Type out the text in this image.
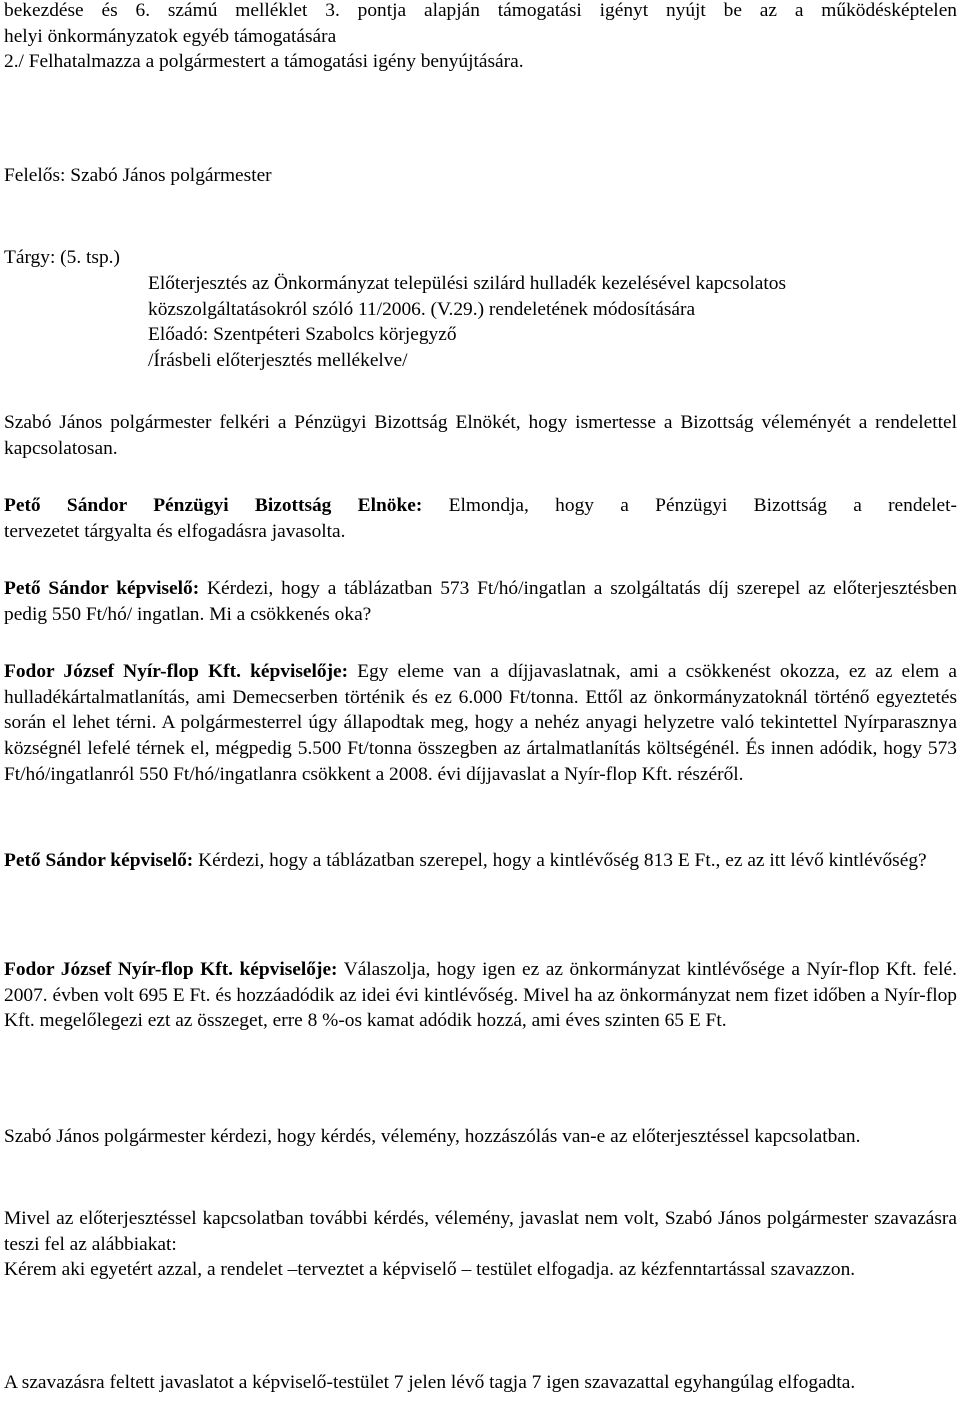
bekezdése és 6. számú melléklet 3. pontja alapján támogatási igényt nyújt be az a működésképtelen
helyi önkormányzatok egyéb támogatására
2./ Felhatalmazza a polgármestert a támogatási igény benyújtására.
Felelős: Szabó János polgármester
Tárgy: (5. tsp.)
Előterjesztés az Önkormányzat települési szilárd hulladék kezelésével kapcsolatos
közszolgáltatásokról szóló 11/2006. (V.29.) rendeletének módosítására
Előadó: Szentpéteri Szabolcs körjegyző
/Írásbeli előterjesztés mellékelve/

Szabó János polgármester felkéri a Pénzügyi Bizottság Elnökét, hogy ismertesse a Bizottság véleményét a rendelettel kapcsolatosan.

Pető Sándor Pénzügyi Bizottság Elnöke: Elmondja, hogy a Pénzügyi Bizottság a rendelet-
tervezetet tárgyalta és elfogadásra javasolta.

Pető Sándor képviselő: Kérdezi, hogy a táblázatban 573 Ft/hó/ingatlan a szolgáltatás díj szerepel az előterjesztésben pedig 550 Ft/hó/ ingatlan. Mi a csökkenés oka?

Fodor József Nyír-flop Kft. képviselője: Egy eleme van a díjjavaslatnak, ami a csökkenést okozza, ez az elem a hulladékártalmatlanítás, ami Demecserben történik és ez 6.000 Ft/tonna. Ettől az önkormányzatoknál történő egyeztetés során el lehet térni. A polgármesterrel úgy állapodtak meg, hogy a nehéz anyagi helyzetre való tekintettel Nyírparasznya községnél lefelé térnek el, mégpedig 5.500 Ft/tonna összegben az ártalmatlanítás költségénél. És innen adódik, hogy 573 Ft/hó/ingatlanról 550 Ft/hó/ingatlanra csökkent a 2008. évi díjjavaslat a Nyír-flop Kft. részéről.

Pető Sándor képviselő: Kérdezi, hogy a táblázatban szerepel, hogy a kintlévőség 813 E Ft., ez az itt lévő kintlévőség?

Fodor József Nyír-flop Kft. képviselője: Válaszolja, hogy igen ez az önkormányzat kintlévősége a Nyír-flop Kft. felé. 2007. évben volt 695 E Ft. és hozzáadódik az idei évi kintlévőség. Mivel ha az önkormányzat nem fizet időben a Nyír-flop Kft. megelőlegezi ezt az összeget, erre 8 %-os kamat adódik hozzá, ami éves szinten 65 E Ft.

Szabó János polgármester kérdezi, hogy kérdés, vélemény, hozzászólás van-e az előterjesztéssel kapcsolatban.

Mivel az előterjesztéssel kapcsolatban további kérdés, vélemény, javaslat nem volt, Szabó János polgármester szavazásra teszi fel az alábbiakat:
Kérem aki egyetért azzal, a rendelet –terveztet a képviselő – testület elfogadja. az kézfenntartással szavazzon.

A szavazásra feltett javaslatot a képviselő-testület 7 jelen lévő tagja 7 igen szavazattal egyhangúlag elfogadta.
